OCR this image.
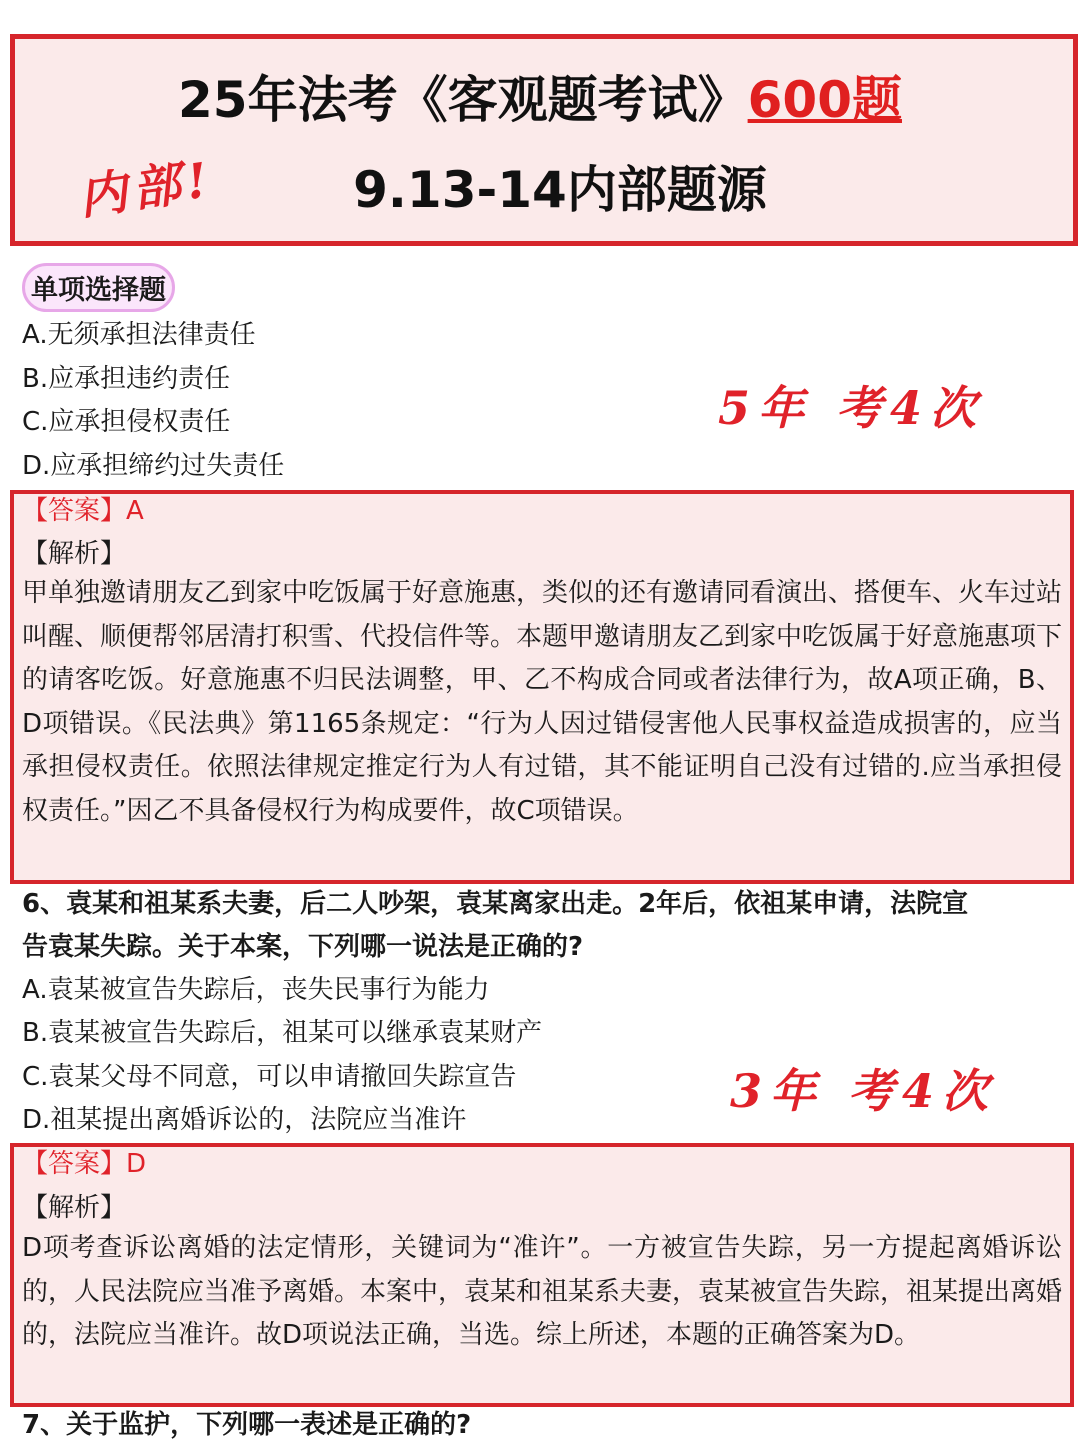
25年法考《客观题考试》600题
9.13-14内部题源
内部!
单项选择题
A.无须承担法律责任
B.应承担违约责任
C.应承担侵权责任
D.应承担缔约过失责任
5年 考4次
【答案】A
【解析】
甲单独邀请朋友乙到家中吃饭属于好意施惠，类似的还有邀请同看演出、搭便车、火车过站叫醒、顺便帮邻居清打积雪、代投信件等。本题甲邀请朋友乙到家中吃饭属于好意施惠项下的请客吃饭。好意施惠不归民法调整，甲、乙不构成合同或者法律行为，故A项正确，B、D项错误。《民法典》第1165条规定：“行为人因过错侵害他人民事权益造成损害的，应当承担侵权责任。依照法律规定推定行为人有过错，其不能证明自己没有过错的.应当承担侵权责任。”因乙不具备侵权行为构成要件，故C项错误。
6、袁某和祖某系夫妻，后二人吵架，袁某离家出走。2年后，依祖某申请，法院宣
告袁某失踪。关于本案，下列哪一说法是正确的?
A.袁某被宣告失踪后，丧失民事行为能力
B.袁某被宣告失踪后，祖某可以继承袁某财产
C.袁某父母不同意，可以申请撤回失踪宣告
D.祖某提出离婚诉讼的，法院应当准许
3年 考4次
【答案】D
【解析】
D项考查诉讼离婚的法定情形，关键词为“准许”。一方被宣告失踪，另一方提起离婚诉讼的，人民法院应当准予离婚。本案中，袁某和祖某系夫妻，袁某被宣告失踪，祖某提出离婚的，法院应当准许。故D项说法正确，当选。综上所述，本题的正确答案为D。
7、关于监护，下列哪一表述是正确的?
